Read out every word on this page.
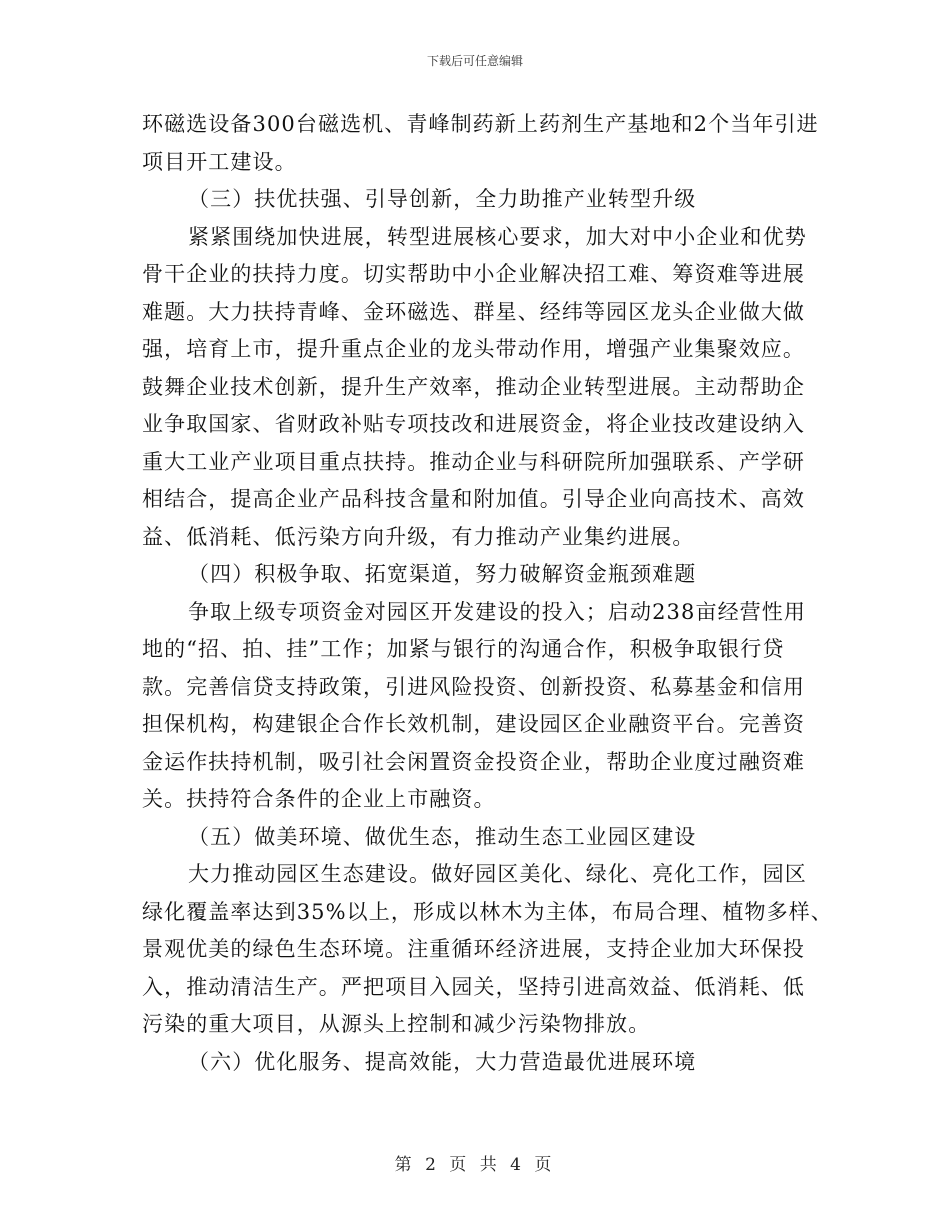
下载后可任意编辑
环磁选设备300台磁选机、青峰制药新上药剂生产基地和2个当年引进
项目开工建设。
（三）扶优扶强、引导创新，全力助推产业转型升级
紧紧围绕加快进展，转型进展核心要求，加大对中小企业和优势
骨干企业的扶持力度。切实帮助中小企业解决招工难、筹资难等进展
难题。大力扶持青峰、金环磁选、群星、经纬等园区龙头企业做大做
强，培育上市，提升重点企业的龙头带动作用，增强产业集聚效应。
鼓舞企业技术创新，提升生产效率，推动企业转型进展。主动帮助企
业争取国家、省财政补贴专项技改和进展资金，将企业技改建设纳入
重大工业产业项目重点扶持。推动企业与科研院所加强联系、产学研
相结合，提高企业产品科技含量和附加值。引导企业向高技术、高效
益、低消耗、低污染方向升级，有力推动产业集约进展。
（四）积极争取、拓宽渠道，努力破解资金瓶颈难题
争取上级专项资金对园区开发建设的投入；启动238亩经营性用
地的“招、拍、挂”工作；加紧与银行的沟通合作，积极争取银行贷
款。完善信贷支持政策，引进风险投资、创新投资、私募基金和信用
担保机构，构建银企合作长效机制，建设园区企业融资平台。完善资
金运作扶持机制，吸引社会闲置资金投资企业，帮助企业度过融资难
关。扶持符合条件的企业上市融资。
（五）做美环境、做优生态，推动生态工业园区建设
大力推动园区生态建设。做好园区美化、绿化、亮化工作，园区
绿化覆盖率达到35%以上，形成以林木为主体，布局合理、植物多样、
景观优美的绿色生态环境。注重循环经济进展，支持企业加大环保投
入，推动清洁生产。严把项目入园关，坚持引进高效益、低消耗、低
污染的重大项目，从源头上控制和减少污染物排放。
（六）优化服务、提高效能，大力营造最优进展环境
第 2 页 共 4 页
